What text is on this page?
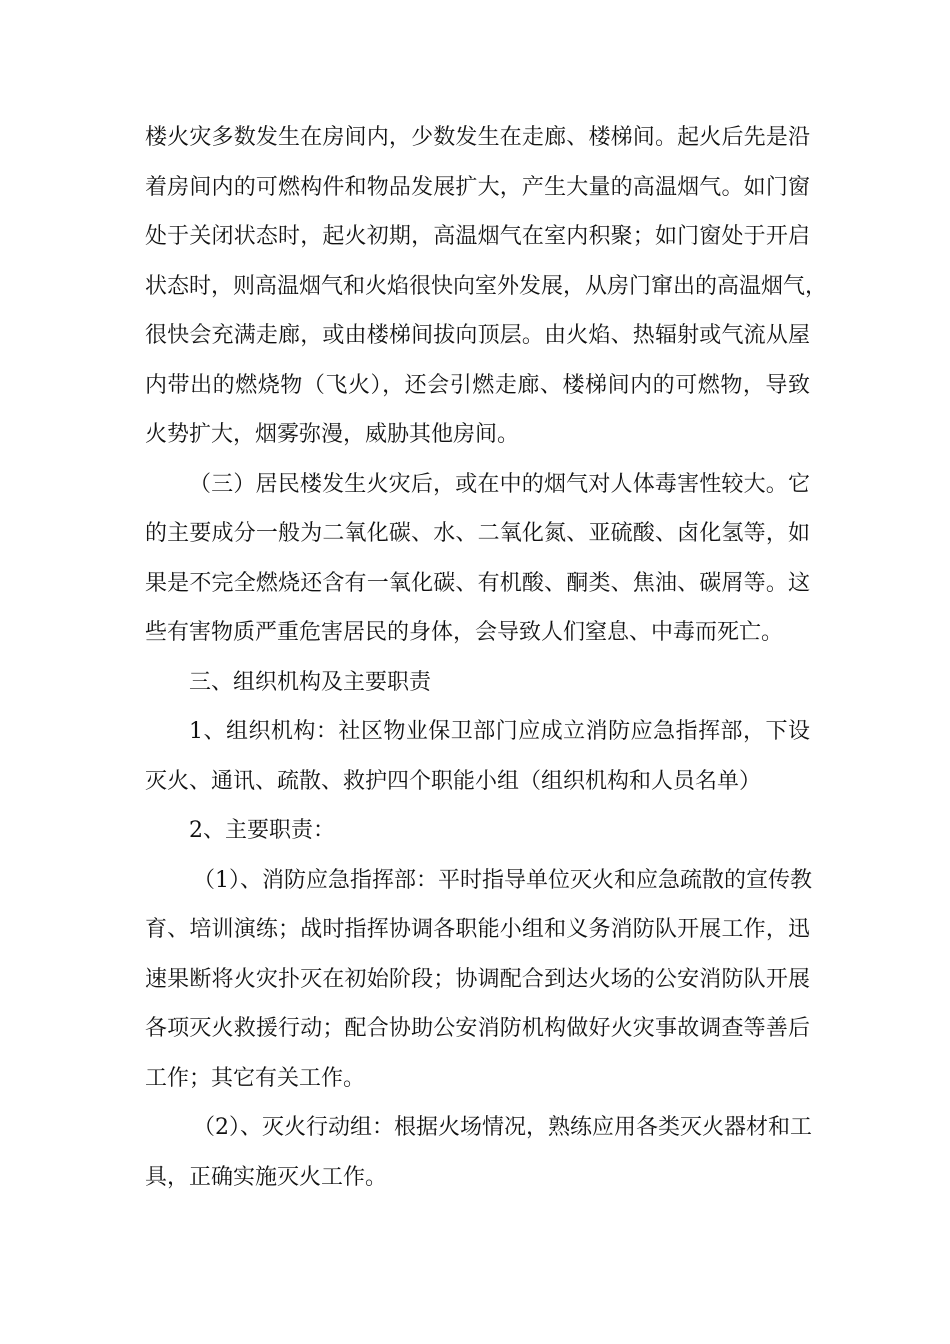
楼火灾多数发生在房间内，少数发生在走廊、楼梯间。起火后先是沿
着房间内的可燃构件和物品发展扩大，产生大量的高温烟气。如门窗
处于关闭状态时，起火初期，高温烟气在室内积聚；如门窗处于开启
状态时，则高温烟气和火焰很快向室外发展，从房门窜出的高温烟气，
很快会充满走廊，或由楼梯间拔向顶层。由火焰、热辐射或气流从屋
内带出的燃烧物（飞火），还会引燃走廊、楼梯间内的可燃物，导致
火势扩大，烟雾弥漫，威胁其他房间。
（三）居民楼发生火灾后，或在中的烟气对人体毒害性较大。它
的主要成分一般为二氧化碳、水、二氧化氮、亚硫酸、卤化氢等，如
果是不完全燃烧还含有一氧化碳、有机酸、酮类、焦油、碳屑等。这
些有害物质严重危害居民的身体，会导致人们窒息、中毒而死亡。
三、组织机构及主要职责
1、组织机构：社区物业保卫部门应成立消防应急指挥部，下设
灭火、通讯、疏散、救护四个职能小组（组织机构和人员名单）
2、主要职责：
（1）、消防应急指挥部：平时指导单位灭火和应急疏散的宣传教
育、培训演练；战时指挥协调各职能小组和义务消防队开展工作，迅
速果断将火灾扑灭在初始阶段；协调配合到达火场的公安消防队开展
各项灭火救援行动；配合协助公安消防机构做好火灾事故调查等善后
工作；其它有关工作。
（2）、灭火行动组：根据火场情况，熟练应用各类灭火器材和工
具，正确实施灭火工作。
